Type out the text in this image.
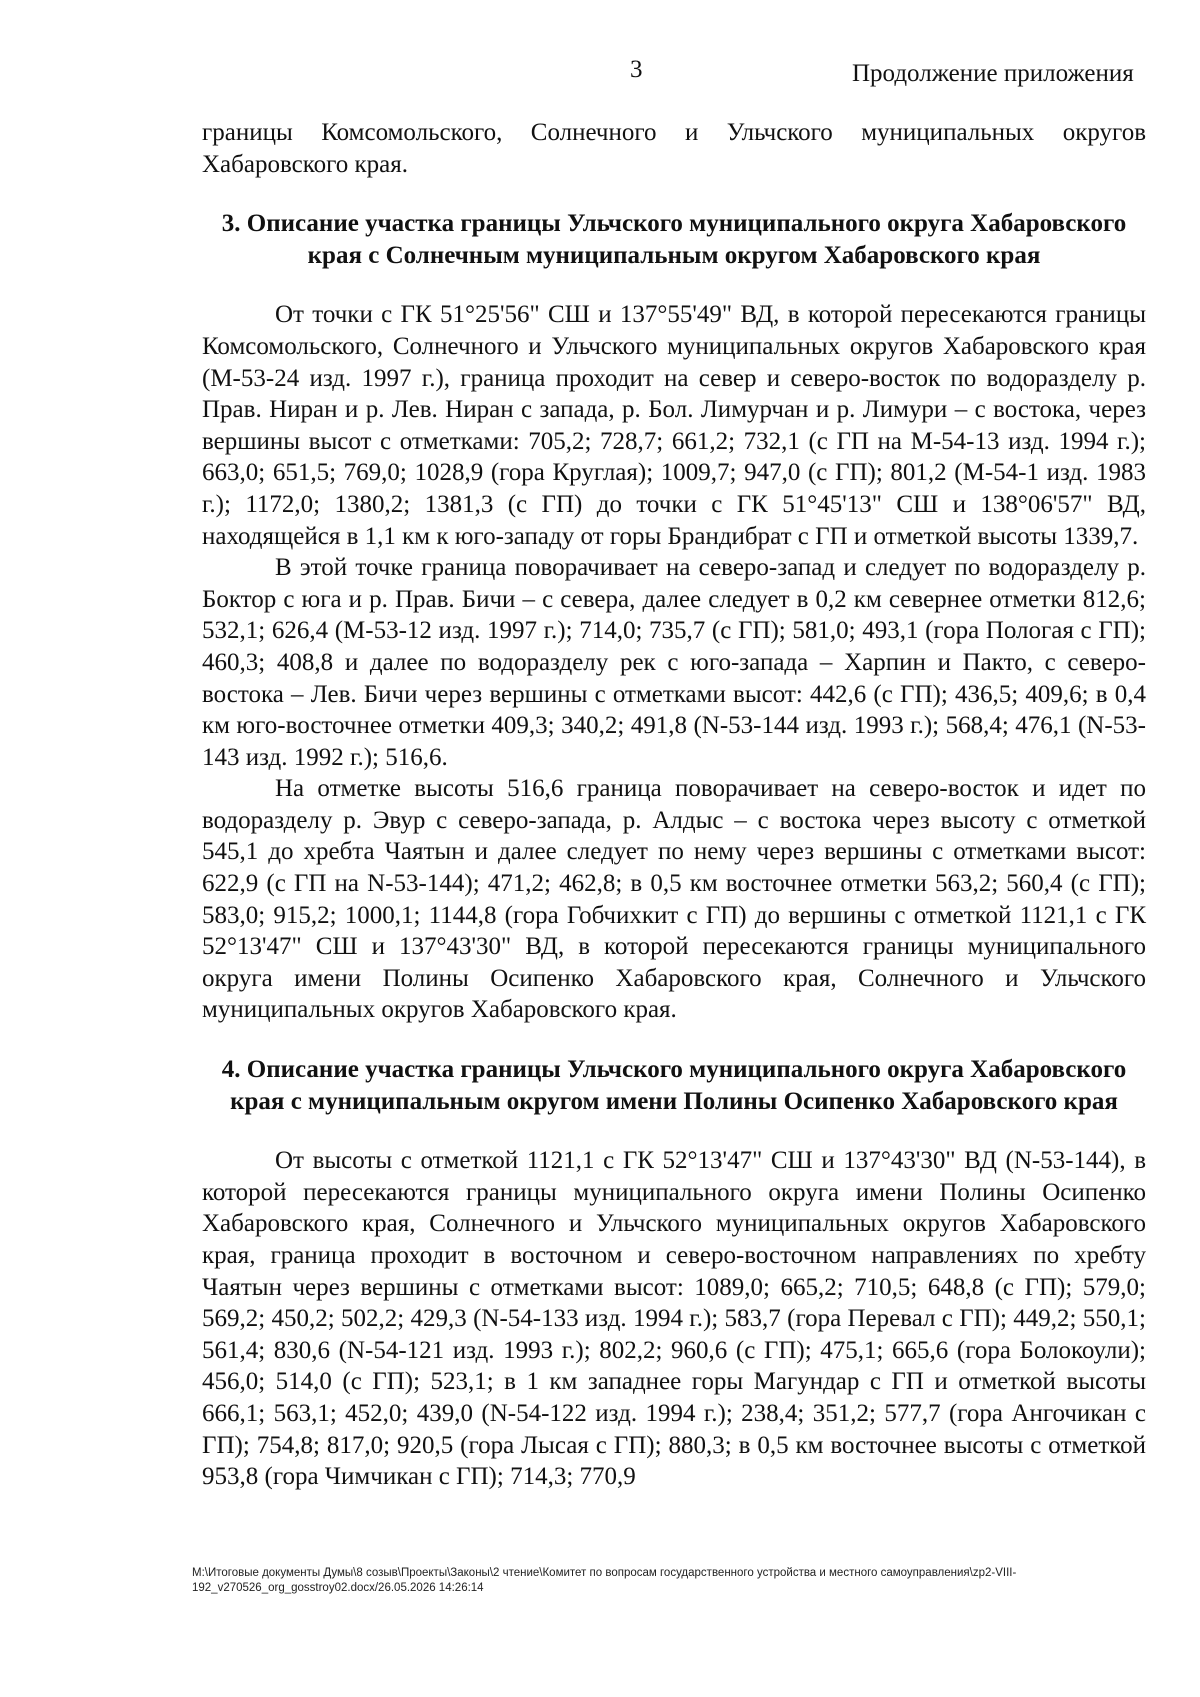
3	Продолжение приложения

границы Комсомольского, Солнечного и Ульчского муниципальных округов Хабаровского края.

3. Описание участка границы Ульчского муниципального округа Хабаровского края с Солнечным муниципальным округом Хабаровского края

От точки с ГК 51°25'56" СШ и 137°55'49" ВД, в которой пересекаются границы Комсомольского, Солнечного и Ульчского муниципальных округов Хабаровского края (М-53-24 изд. 1997 г.), граница проходит на север и северо-восток по водоразделу р. Прав. Ниран и р. Лев. Ниран с запада, р. Бол. Лимурчан и р. Лимури – с востока, через вершины высот с отметками: 705,2; 728,7; 661,2; 732,1 (с ГП на М-54-13 изд. 1994 г.); 663,0; 651,5; 769,0; 1028,9 (гора Круглая); 1009,7; 947,0 (с ГП); 801,2 (М-54-1 изд. 1983 г.); 1172,0; 1380,2; 1381,3 (с ГП) до точки с ГК 51°45'13" СШ и 138°06'57" ВД, находящейся в 1,1 км к юго-западу от горы Брандибрат с ГП и отметкой высоты 1339,7.

В этой точке граница поворачивает на северо-запад и следует по водоразделу р. Боктор с юга и р. Прав. Бичи – с севера, далее следует в 0,2 км севернее отметки 812,6; 532,1; 626,4 (М-53-12 изд. 1997 г.); 714,0; 735,7 (с ГП); 581,0; 493,1 (гора Пологая с ГП); 460,3; 408,8 и далее по водоразделу рек с юго-запада – Харпин и Пакто, с северо-востока – Лев. Бичи через вершины с отметками высот: 442,6 (с ГП); 436,5; 409,6; в 0,4 км юго-восточнее отметки 409,3; 340,2; 491,8 (N-53-144 изд. 1993 г.); 568,4; 476,1 (N-53-143 изд. 1992 г.); 516,6.

На отметке высоты 516,6 граница поворачивает на северо-восток и идет по водоразделу р. Эвур с северо-запада, р. Алдыс – с востока через высоту с отметкой 545,1 до хребта Чаятын и далее следует по нему через вершины с отметками высот: 622,9 (с ГП на N-53-144); 471,2; 462,8; в 0,5 км восточнее отметки 563,2; 560,4 (с ГП); 583,0; 915,2; 1000,1; 1144,8 (гора Гобчихкит с ГП) до вершины с отметкой 1121,1 с ГК 52°13'47" СШ и 137°43'30" ВД, в которой пересекаются границы муниципального округа имени Полины Осипенко Хабаровского края, Солнечного и Ульчского муниципальных округов Хабаровского края.

4. Описание участка границы Ульчского муниципального округа Хабаровского края с муниципальным округом имени Полины Осипенко Хабаровского края

От высоты с отметкой 1121,1 с ГК 52°13'47" СШ и 137°43'30" ВД (N-53-144), в которой пересекаются границы муниципального округа имени Полины Осипенко Хабаровского края, Солнечного и Ульчского муниципальных округов Хабаровского края, граница проходит в восточном и северо-восточном направлениях по хребту Чаятын через вершины с отметками высот: 1089,0; 665,2; 710,5; 648,8 (с ГП); 579,0; 569,2; 450,2; 502,2; 429,3 (N-54-133 изд. 1994 г.); 583,7 (гора Перевал с ГП); 449,2; 550,1; 561,4; 830,6 (N-54-121 изд. 1993 г.); 802,2; 960,6 (с ГП); 475,1; 665,6 (гора Болокоули); 456,0; 514,0 (с ГП); 523,1; в 1 км западнее горы Магундар с ГП и отметкой высоты 666,1; 563,1; 452,0; 439,0 (N-54-122 изд. 1994 г.); 238,4; 351,2; 577,7 (гора Ангочикан с ГП); 754,8; 817,0; 920,5 (гора Лысая с ГП); 880,3; в 0,5 км восточнее высоты с отметкой 953,8 (гора Чимчикан с ГП); 714,3; 770,9

M:\Итоговые документы Думы\8 созыв\Проекты\Законы\2 чтение\Комитет по вопросам государственного устройства и местного самоуправления\zp2-VIII-192_v270526_org_gosstroy02.docx/26.05.2026 14:26:14
